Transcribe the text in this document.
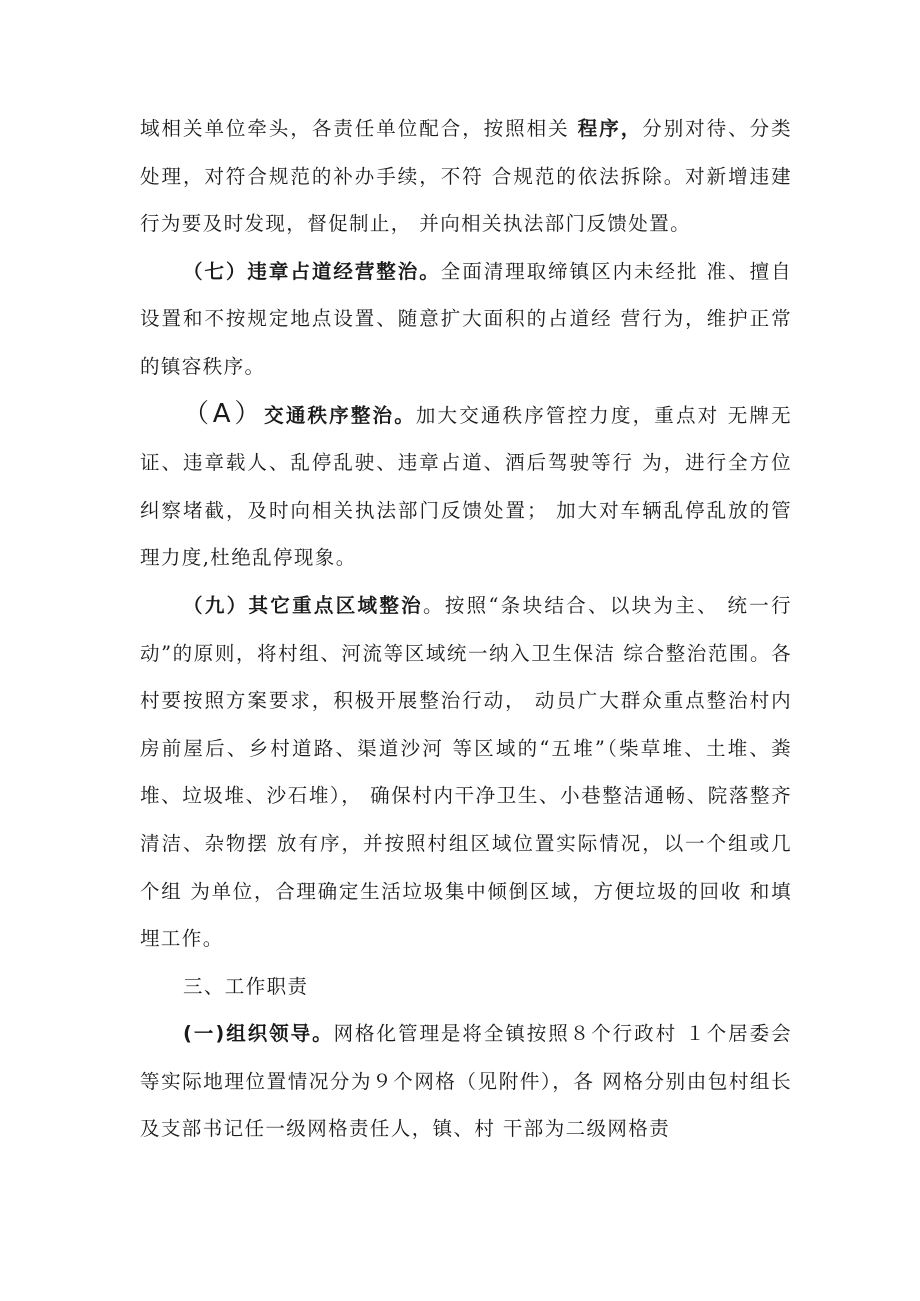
域相关单位牵头，各责任单位配合，按照相关 程序，分别对待、分类处理，对符合规范的补办手续，不符 合规范的依法拆除。对新增违建行为要及时发现，督促制止， 并向相关执法部门反馈处置。

（七）违章占道经营整治。全面清理取缔镇区内未经批 准、擅自设置和不按规定地点设置、随意扩大面积的占道经 营行为，维护正常的镇容秩序。

（A）交通秩序整治。加大交通秩序管控力度，重点对 无牌无证、违章载人、乱停乱驶、违章占道、酒后驾驶等行 为，进行全方位纠察堵截，及时向相关执法部门反馈处置； 加大对车辆乱停乱放的管理力度,杜绝乱停现象。

（九）其它重点区域整治。按照“条块结合、以块为主、 统一行动”的原则，将村组、河流等区域统一纳入卫生保洁 综合整治范围。各村要按照方案要求，积极开展整治行动， 动员广大群众重点整治村内房前屋后、乡村道路、渠道沙河 等区域的“五堆”（柴草堆、土堆、粪堆、垃圾堆、沙石堆）， 确保村内干净卫生、小巷整洁通畅、院落整齐清洁、杂物摆 放有序，并按照村组区域位置实际情况，以一个组或几个组 为单位，合理确定生活垃圾集中倾倒区域，方便垃圾的回收 和填埋工作。

三、工作职责

(一)组织领导。网格化管理是将全镇按照８个行政村 １个居委会等实际地理位置情况分为９个网格（见附件），各 网格分别由包村组长及支部书记任一级网格责任人，镇、村 干部为二级网格责
